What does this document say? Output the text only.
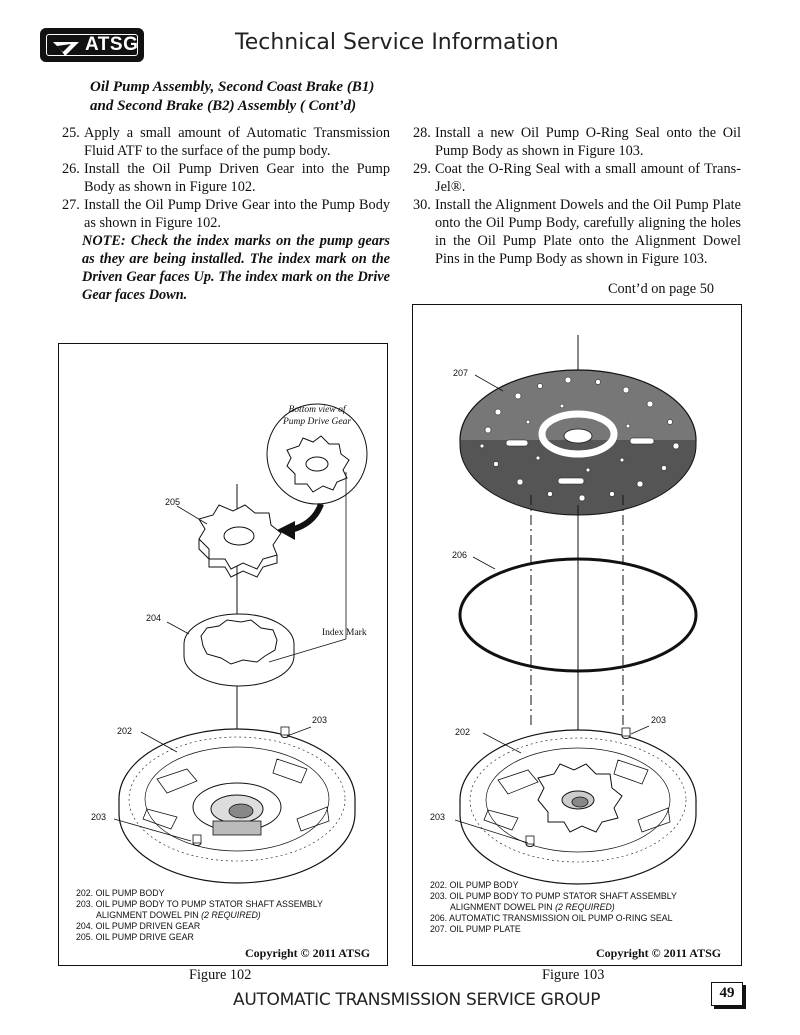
ATSG	Technical Service Information
Oil Pump Assembly, Second Coast Brake (B1)
and Second Brake (B2) Assembly ( Cont’d)
25. Apply a small amount of Automatic Transmission Fluid ATF to the surface of the pump body.
26. Install the Oil Pump Driven Gear into the Pump Body as shown in Figure 102.
27. Install the Oil Pump Drive Gear into the Pump Body as shown in Figure 102.
NOTE: Check the index marks on the pump gears as they are being installed. The index mark on the Driven Gear faces Up. The index mark on the Drive Gear faces Down.
28. Install a new Oil Pump O-Ring Seal onto the Oil Pump Body as shown in Figure 103.
29. Coat the O-Ring Seal with a small amount of Trans-Jel®.
30. Install the Alignment Dowels and the Oil Pump Plate onto the Oil Pump Body, carefully aligning the holes in the Oil Pump Plate onto the Alignment Dowel Pins in the Pump Body as shown in Figure 103.
Cont’d on page 50
Bottom view of
Pump Drive Gear
Index Mark
205
204
203
202
203
202. OIL PUMP BODY
203. OIL PUMP BODY TO PUMP STATOR SHAFT ASSEMBLY
ALIGNMENT DOWEL PIN (2 REQUIRED)
204. OIL PUMP DRIVEN GEAR
205. OIL PUMP DRIVE GEAR
Copyright © 2011 ATSG
Figure 102
207
206
203
202
203
202. OIL PUMP BODY
203. OIL PUMP BODY TO PUMP STATOR SHAFT ASSEMBLY
ALIGNMENT DOWEL PIN (2 REQUIRED)
206. AUTOMATIC TRANSMISSION OIL PUMP O-RING SEAL
207. OIL PUMP PLATE
Copyright © 2011 ATSG
Figure 103
AUTOMATIC TRANSMISSION SERVICE GROUP	49
